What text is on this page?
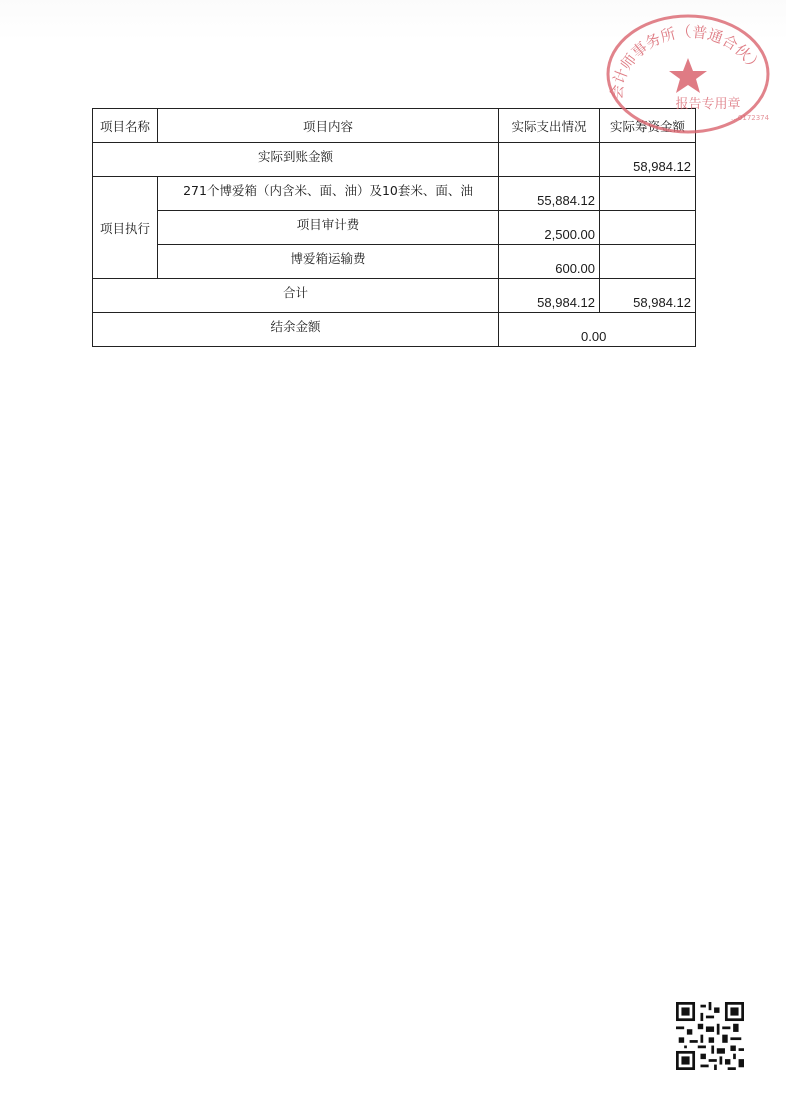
项目名称	项目内容	实际支出情况	实际筹资金额
实际到账金额			58,984.12
项目执行	271个博爱箱（内含米、面、油）及10套米、面、油	55,884.12	
	项目审计费	2,500.00	
	博爱箱运输费	600.00	
合计		58,984.12	58,984.12
结余金额		0.00	
会计师事务所（普通合伙）
报告专用章
…0172374
